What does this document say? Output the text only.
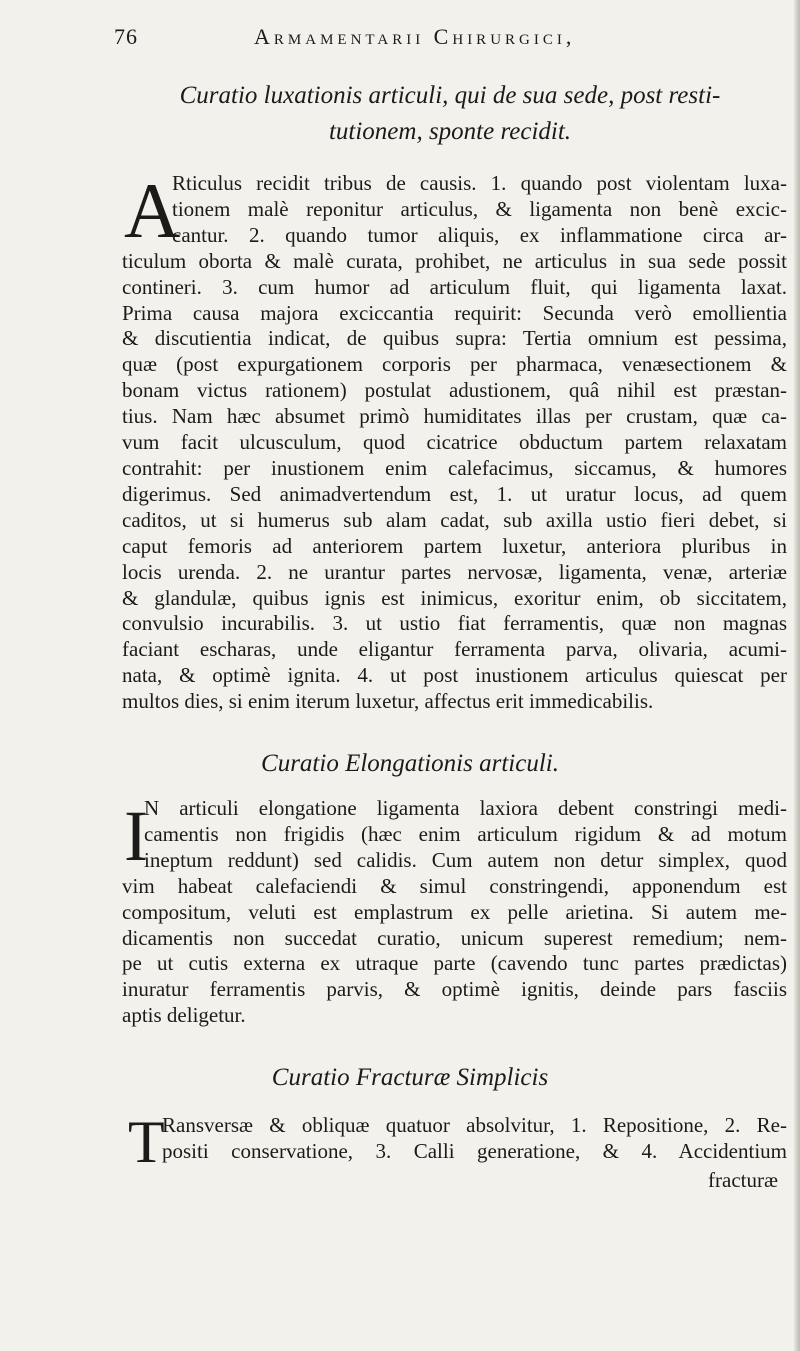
76	Armamentarii Chirurgici,
Curatio luxationis articuli, qui de sua sede, post resti-
tutionem, sponte recidit.
A

Rticulus recidit tribus de causis. 1. quando post violentam luxa-

tionem malè reponitur articulus, & ligamenta non benè excic-

cantur. 2. quando tumor aliquis, ex inflammatione circa ar-

ticulum oborta & malè curata, prohibet, ne articulus in sua sede possit

contineri. 3. cum humor ad articulum fluit, qui ligamenta laxat.

Prima causa majora exciccantia requirit: Secunda verò emollientia

& discutientia indicat, de quibus supra: Tertia omnium est pessima,

quæ (post expurgationem corporis per pharmaca, venæsectionem &

bonam victus rationem) postulat adustionem, quâ nihil est præstan-

tius. Nam hæc absumet primò humiditates illas per crustam, quæ ca-

vum facit ulcusculum, quod cicatrice obductum partem relaxatam

contrahit: per inustionem enim calefacimus, siccamus, & humores

digerimus. Sed animadvertendum est, 1. ut uratur locus, ad quem

caditos, ut si humerus sub alam cadat, sub axilla ustio fieri debet, si

caput femoris ad anteriorem partem luxetur, anteriora pluribus in

locis urenda. 2. ne urantur partes nervosæ, ligamenta, venæ, arteriæ

& glandulæ, quibus ignis est inimicus, exoritur enim, ob siccitatem,

convulsio incurabilis. 3. ut ustio fiat ferramentis, quæ non magnas

faciant escharas, unde eligantur ferramenta parva, olivaria, acumi-

nata, & optimè ignita. 4. ut post inustionem articulus quiescat per

multos dies, si enim iterum luxetur, affectus erit immedicabilis.

Curatio Elongationis articuli.
I

N articuli elongatione ligamenta laxiora debent constringi medi-

camentis non frigidis (hæc enim articulum rigidum & ad motum

ineptum reddunt) sed calidis. Cum autem non detur simplex, quod

vim habeat calefaciendi & simul constringendi, apponendum est

compositum, veluti est emplastrum ex pelle arietina. Si autem me-

dicamentis non succedat curatio, unicum superest remedium; nem-

pe ut cutis externa ex utraque parte (cavendo tunc partes prædictas)

inuratur ferramentis parvis, & optimè ignitis, deinde pars fasciis

aptis deligetur.

Curatio Fracturæ Simplicis
T

Ransversæ & obliquæ quatuor absolvitur, 1. Repositione, 2. Re-

positi conservatione, 3. Calli generatione, & 4. Accidentium

fracturæ
